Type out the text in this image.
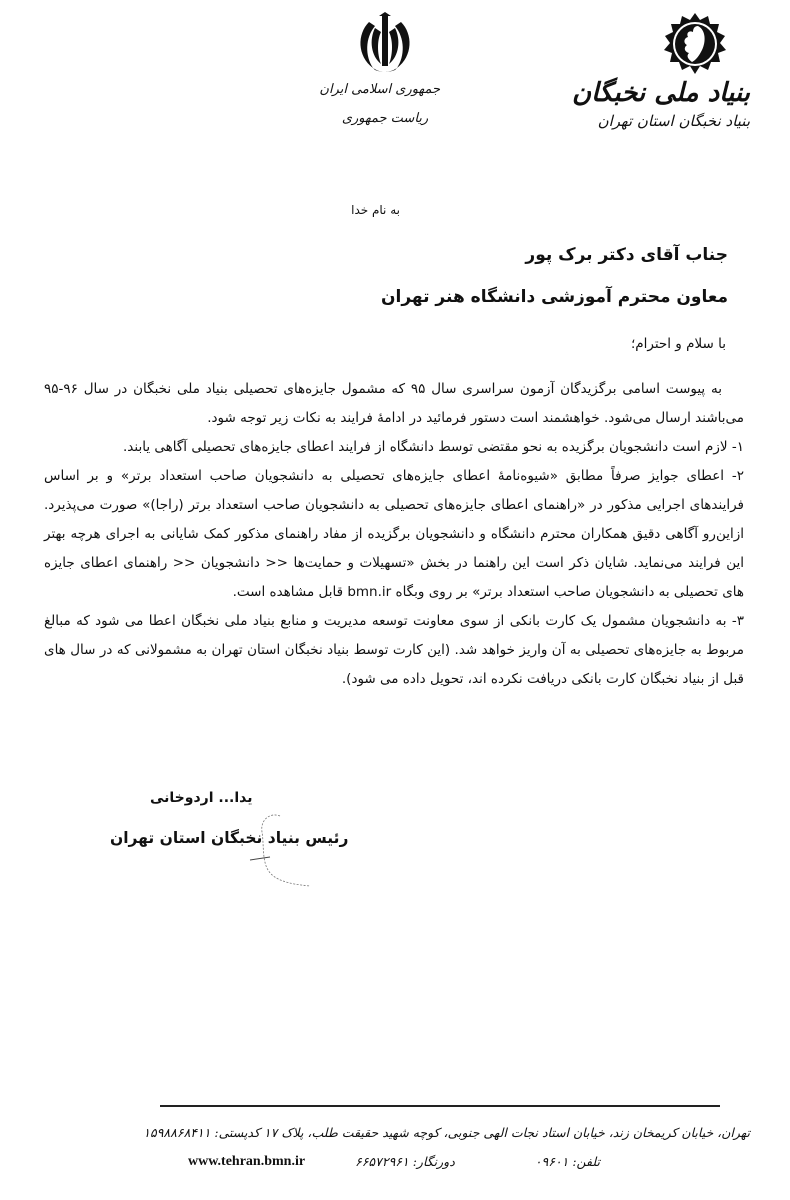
بنیاد ملی نخبگان
بنیاد نخبگان استان تهران
جمهوری اسلامی ایران
ریاست جمهوری
به نام خدا
جناب آقای دکتر برک پور
معاون محترم آموزشی دانشگاه هنر تهران
با سلام و احترام؛

به پیوست اسامی برگزیدگان آزمون سراسری سال ۹۵ که مشمول جایزه‌های تحصیلی بنیاد ملی نخبگان در سال ۹۶-۹۵ می‌باشند ارسال می‌شود. خواهشمند است دستور فرمائید در ادامهٔ فرایند به نکات زیر توجه شود.

۱- لازم است دانشجویان برگزیده به نحو مقتضی توسط دانشگاه از فرایند اعطای جایزه‌های تحصیلی آگاهی یابند.

۲- اعطای جوایز صرفاً مطابق «شیوه‌نامهٔ اعطای جایزه‌های تحصیلی به دانشجویان صاحب استعداد برتر» و بر اساس فرایندهای اجرایی مذکور در «راهنمای اعطای جایزه‌های تحصیلی به دانشجویان صاحب استعداد برتر (راجا)» صورت می‌پذیرد. ازاین‌رو آگاهی دقیق همکاران محترم دانشگاه و دانشجویان برگزیده از مفاد راهنمای مذکور کمک شایانی به اجرای هرچه بهتر این فرایند می‌نماید. شایان ذکر است این راهنما در بخش «تسهیلات و حمایت‌ها << دانشجویان << راهنمای اعطای جایزه های تحصیلی به دانشجویان صاحب استعداد برتر» بر روی وبگاه bmn.ir قابل مشاهده است.

۳- به دانشجویان مشمول یک کارت بانکی از سوی معاونت توسعه مدیریت و منابع بنیاد ملی نخبگان اعطا می شود که مبالغ مربوط به جایزه‌های تحصیلی به آن واریز خواهد شد. (این کارت توسط بنیاد نخبگان استان تهران به مشمولانی که در سال های قبل از بنیاد نخبگان کارت بانکی دریافت نکرده اند، تحویل داده می شود).

یدا... اردوخانی
رئیس بنیاد نخبگان استان تهران
تهران، خیابان کریمخان زند، خیابان استاد نجات الهی جنوبی، کوچه شهید حقیقت طلب، پلاک ۱۷ کدپستی: ۱۵۹۸۸۶۸۴۱۱
تلفن: ۰۹۶۰۱
دورنگار: ۶۶۵۷۲۹۶۱
www.tehran.bmn.ir
